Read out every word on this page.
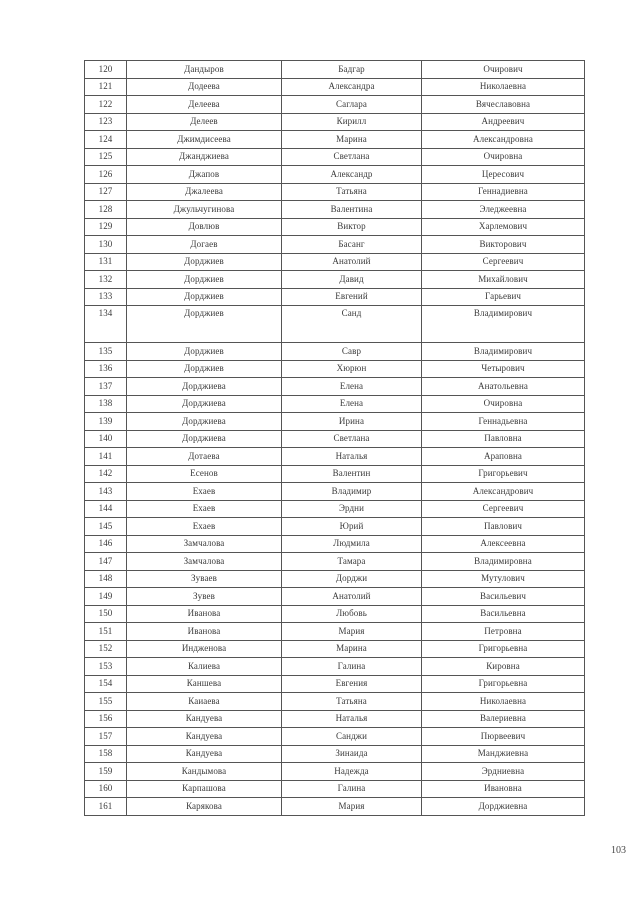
120	Дандыров	Бадгар	Очирович
121	Додеева	Александра	Николаевна
122	Делеева	Саглара	Вячеславовна
123	Делеев	Кирилл	Андреевич
124	Джимдисеева	Марина	Александровна
125	Джанджиева	Светлана	Очировна
126	Джапов	Александр	Цересович
127	Джалеева	Татьяна	Геннадиевна
128	Джульчугинова	Валентина	Эледжеевна
129	Довлюв	Виктор	Харлемович
130	Догаев	Басанг	Викторович
131	Дорджиев	Анатолий	Сергеевич
132	Дорджиев	Давид	Михайлович
133	Дорджиев	Евгений	Гарьевич
134	Дорджиев	Санд	Владимирович
135	Дорджиев	Савр	Владимирович
136	Дорджиев	Хюрюн	Четырович
137	Дорджиева	Елена	Анатольевна
138	Дорджиева	Елена	Очировна
139	Дорджиева	Ирина	Геннадьевна
140	Дорджиева	Светлана	Павловна
141	Дотаева	Наталья	Араповна
142	Есенов	Валентин	Григорьевич
143	Ехаев	Владимир	Александрович
144	Ехаев	Эрдни	Сергеевич
145	Ехаев	Юрий	Павлович
146	Замчалова	Людмила	Алексеевна
147	Замчалова	Тамара	Владимировна
148	Зуваев	Дорджи	Мутулович
149	Зувев	Анатолий	Васильевич
150	Иванова	Любовь	Васильевна
151	Иванова	Мария	Петровна
152	Индженова	Марина	Григорьевна
153	Калиева	Галина	Кировна
154	Каншева	Евгения	Григорьевна
155	Каиаева	Татьяна	Николаевна
156	Кандуева	Наталья	Валериевна
157	Кандуева	Санджи	Пюрвеевич
158	Кандуева	Зинаида	Манджиевна
159	Кандымова	Надежда	Эрдниевна
160	Карпашова	Галина	Ивановна
161	Карякова	Мария	Дорджиевна
103
